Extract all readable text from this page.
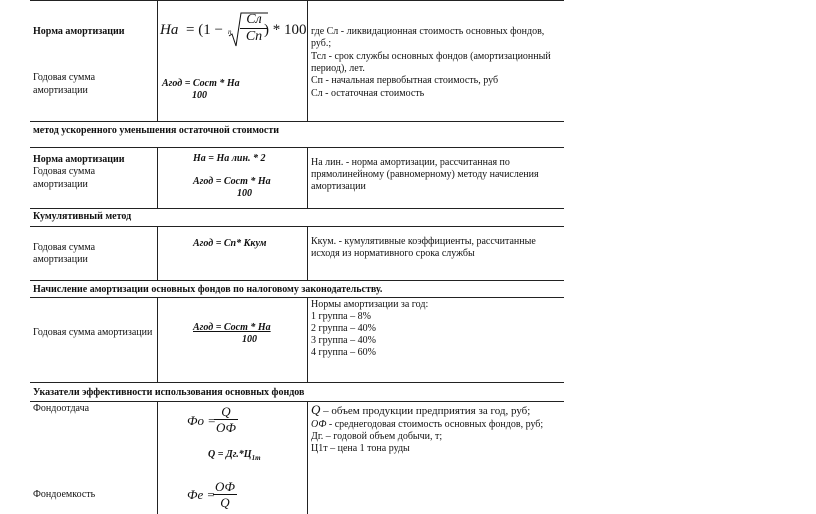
Норма амортизации
Годовая сумма
амортизации
На = (1 − n
Сл
Сп ) * 100
Агод = Сост * На
100
где Сл - ликвидационная стоимость основных фондов,
руб.;
Тсл - срок службы основных фондов (амортизационный
период), лет.
Сп - начальная первобытная стоимость, руб
Сл - остаточная стоимость
метод ускоренного уменьшения остаточной стоимости
Норма амортизации
Годовая сумма
амортизации
На = На лин. * 2
Агод = Сост * На
100
На лин. - норма амортизации, рассчитанная по
прямолинейному (равномерному) методу начисления
амортизации
Кумулятивный метод
Годовая сумма
амортизации
Агод = Сп* Ккум	Ккум. - кумулятивные коэффициенты, рассчитанные
исходя из нормативного срока службы
Начисление амортизации основных фондов по налоговому законодательству.
Годовая сумма амортизации	Агод = Сост * На
100
Нормы амортизации за год:
1 группа – 8%
2 группа – 40%
3 группа – 40%
4 группа – 60%
Указатели эффективности использования основных фондов
Фондоотдача
Фондоемкость
Фо =
Q
ОФ
$Q = Дг.*Ц_{1т}$
Фе =
ОФ
Q
Q – объем продукции предприятия за год, руб;
ОФ - среднегодовая стоимость основных фондов, руб;
Дг. – годовой объем добычи, т;
Ц1т – цена 1 тона руды
